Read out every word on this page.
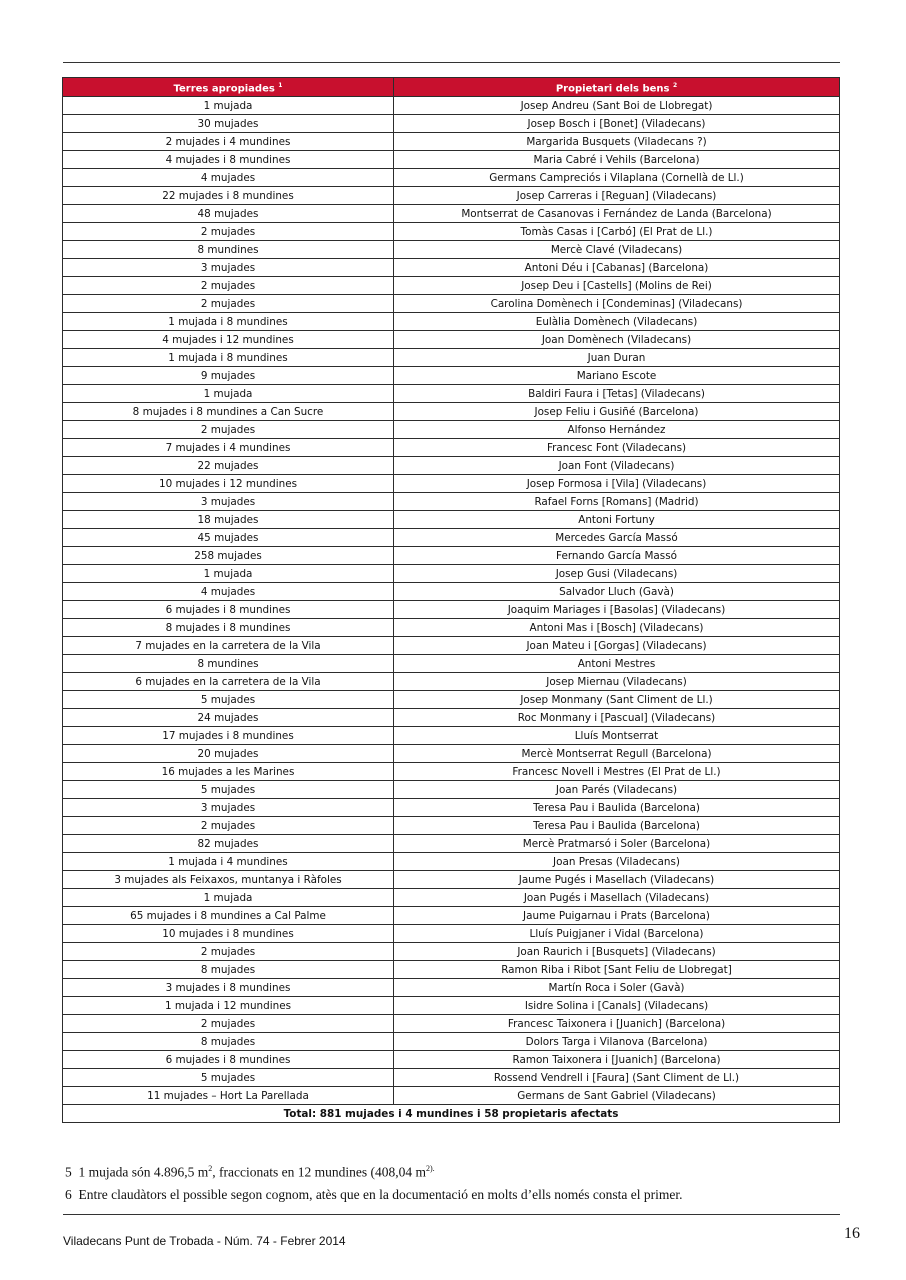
Terres apropiades $^1$	Propietari dels bens $^2$
1 mujada	Josep Andreu (Sant Boi de Llobregat)
30 mujades	Josep Bosch i [Bonet] (Viladecans)
2 mujades i 4 mundines	Margarida Busquets (Viladecans ?)
4 mujades i 8 mundines	Maria Cabré i Vehils (Barcelona)
4 mujades	Germans Campreciós i Vilaplana (Cornellà de Ll.)
22 mujades i 8 mundines	Josep Carreras i [Reguan] (Viladecans)
48 mujades	Montserrat de Casanovas i Fernández de Landa (Barcelona)
2 mujades	Tomàs Casas i [Carbó] (El Prat de Ll.)
8 mundines	Mercè Clavé (Viladecans)
3 mujades	Antoni Déu i [Cabanas] (Barcelona)
2 mujades	Josep Deu i [Castells] (Molins de Rei)
2 mujades	Carolina Domènech i [Condeminas] (Viladecans)
1 mujada i 8 mundines	Eulàlia Domènech (Viladecans)
4 mujades i 12 mundines	Joan Domènech (Viladecans)
1 mujada i 8 mundines	Juan Duran
9 mujades	Mariano Escote
1 mujada	Baldiri Faura i [Tetas] (Viladecans)
8 mujades i 8 mundines a Can Sucre	Josep Feliu i Gusiñé (Barcelona)
2 mujades	Alfonso Hernández
7 mujades i 4 mundines	Francesc Font (Viladecans)
22 mujades	Joan Font (Viladecans)
10 mujades i 12 mundines	Josep Formosa i [Vila] (Viladecans)
3 mujades	Rafael Forns [Romans] (Madrid)
18 mujades	Antoni Fortuny
45 mujades	Mercedes García Massó
258 mujades	Fernando García Massó
1 mujada	Josep Gusi (Viladecans)
4 mujades	Salvador Lluch (Gavà)
6 mujades i 8 mundines	Joaquim Mariages i [Basolas] (Viladecans)
8 mujades i 8 mundines	Antoni Mas i [Bosch] (Viladecans)
7 mujades en la carretera de la Vila	Joan Mateu i [Gorgas] (Viladecans)
8 mundines	Antoni Mestres
6 mujades en la carretera de la Vila	Josep Miernau (Viladecans)
5 mujades	Josep Monmany (Sant Climent de Ll.)
24 mujades	Roc Monmany i [Pascual] (Viladecans)
17 mujades i 8 mundines	Lluís Montserrat
20 mujades	Mercè Montserrat Regull (Barcelona)
16 mujades a les Marines	Francesc Novell i Mestres (El Prat de Ll.)
5 mujades	Joan Parés (Viladecans)
3 mujades	Teresa Pau i Baulida (Barcelona)
2 mujades	Teresa Pau i Baulida (Barcelona)
82 mujades	Mercè Pratmarsó i Soler (Barcelona)
1 mujada i 4 mundines	Joan Presas (Viladecans)
3 mujades als Feixaxos, muntanya i Ràfoles	Jaume Pugés i Masellach (Viladecans)
1 mujada	Joan Pugés i Masellach (Viladecans)
65 mujades i 8 mundines a Cal Palme	Jaume Puigarnau i Prats (Barcelona)
10 mujades i 8 mundines	Lluís Puigjaner i Vidal (Barcelona)
2 mujades	Joan Raurich i [Busquets] (Viladecans)
8 mujades	Ramon Riba i Ribot [Sant Feliu de Llobregat]
3 mujades i 8 mundines	Martín Roca i Soler (Gavà)
1 mujada i 12 mundines	Isidre Solina i [Canals] (Viladecans)
2 mujades	Francesc Taixonera i [Juanich] (Barcelona)
8 mujades	Dolors Targa i Vilanova (Barcelona)
6 mujades i 8 mundines	Ramon Taixonera i [Juanich] (Barcelona)
5 mujades	Rossend Vendrell i [Faura] (Sant Climent de Ll.)
11 mujades – Hort La Parellada	Germans de Sant Gabriel (Viladecans)
Total: 881 mujades i 4 mundines i 58 propietaris afectats	

5 1 mujada són 4.896,5 $m^2$, fraccionats en 12 mundines (408,04 $m^{2).}$

6 Entre claudàtors el possible segon cognom, atès que en la documentació en molts d’ells només consta el primer.

Viladecans Punt de Trobada - Núm. 74 - Febrer 2014	16
